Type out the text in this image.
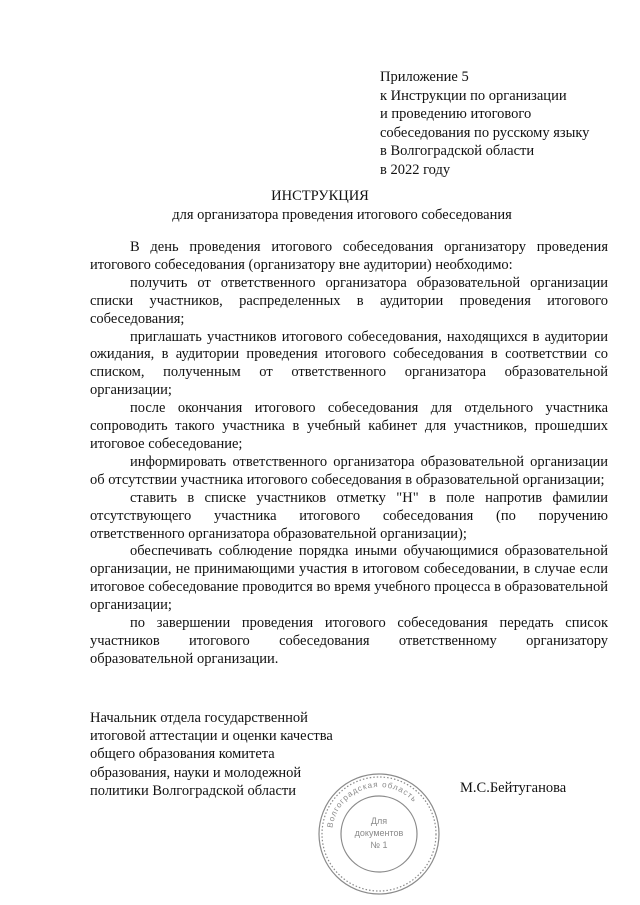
Приложение 5
к Инструкции по организации
и проведению итогового
собеседования по русскому языку
в Волгоградской области
в 2022 году
ИНСТРУКЦИЯ
для организатора проведения итогового собеседования

В день проведения итогового собеседования организатору проведения итогового собеседования (организатору вне аудитории) необходимо:

получить от ответственного организатора образовательной организации списки участников, распределенных в аудитории проведения итогового собеседования;

приглашать участников итогового собеседования, находящихся в аудитории ожидания, в аудитории проведения итогового собеседования в соответствии со списком, полученным от ответственного организатора образовательной организации;

после окончания итогового собеседования для отдельного участника сопроводить такого участника в учебный кабинет для участников, прошедших итоговое собеседование;

информировать ответственного организатора образовательной организации об отсутствии участника итогового собеседования в образовательной организации;

ставить в списке участников отметку "Н" в поле напротив фамилии отсутствующего участника итогового собеседования (по поручению ответственного организатора образовательной организации);

обеспечивать соблюдение порядка иными обучающимися образовательной организации, не принимающими участия в итоговом собеседовании, в случае если итоговое собеседование проводится во время учебного процесса в образовательной организации;

по завершении проведения итогового собеседования передать список участников итогового собеседования ответственному организатору образовательной организации.

Начальник отдела государственной
итоговой аттестации и оценки качества
общего образования комитета
образования, науки и молодежной
политики Волгоградской области	М.С.Бейтуганова
Волгоградская область
Для
документов
№ 1
